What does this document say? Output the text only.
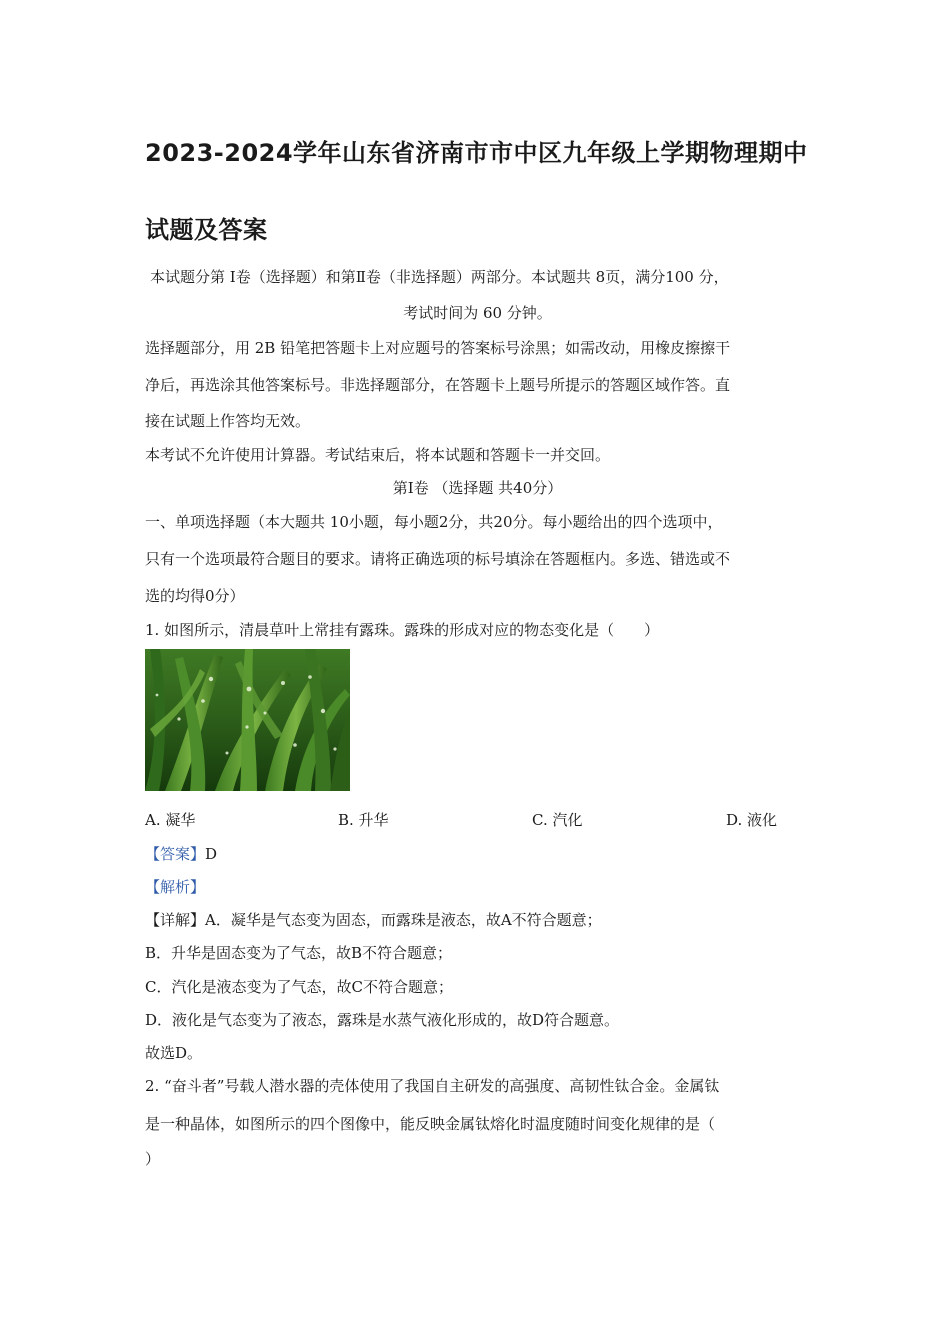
2023-2024学年山东省济南市市中区九年级上学期物理期中
试题及答案
本试题分第 Ⅰ卷（选择题）和第Ⅱ卷（非选择题）两部分。本试题共 8页，满分100 分，
考试时间为 60 分钟。
选择题部分，用 2B 铅笔把答题卡上对应题号的答案标号涂黑；如需改动，用橡皮擦擦干
净后，再选涂其他答案标号。非选择题部分，在答题卡上题号所提示的答题区域作答。直
接在试题上作答均无效。
本考试不允许使用计算器。考试结束后，将本试题和答题卡一并交回。
第Ⅰ卷 （选择题 共40分）
一、单项选择题（本大题共 10小题，每小题2分，共20分。每小题给出的四个选项中，
只有一个选项最符合题目的要求。请将正确选项的标号填涂在答题框内。多选、错选或不
选的均得0分）
1. 如图所示，清晨草叶上常挂有露珠。露珠的形成对应的物态变化是（　　）
A. 凝华	B. 升华	C. 汽化	D. 液化
【答案】D
【解析】
【详解】A．凝华是气态变为固态，而露珠是液态，故A不符合题意；
B．升华是固态变为了气态，故B不符合题意；
C．汽化是液态变为了气态，故C不符合题意；
D．液化是气态变为了液态，露珠是水蒸气液化形成的，故D符合题意。
故选D。
2. “奋斗者”号载人潜水器的壳体使用了我国自主研发的高强度、高韧性钛合金。金属钛
是一种晶体，如图所示的四个图像中，能反映金属钛熔化时温度随时间变化规律的是（
）
